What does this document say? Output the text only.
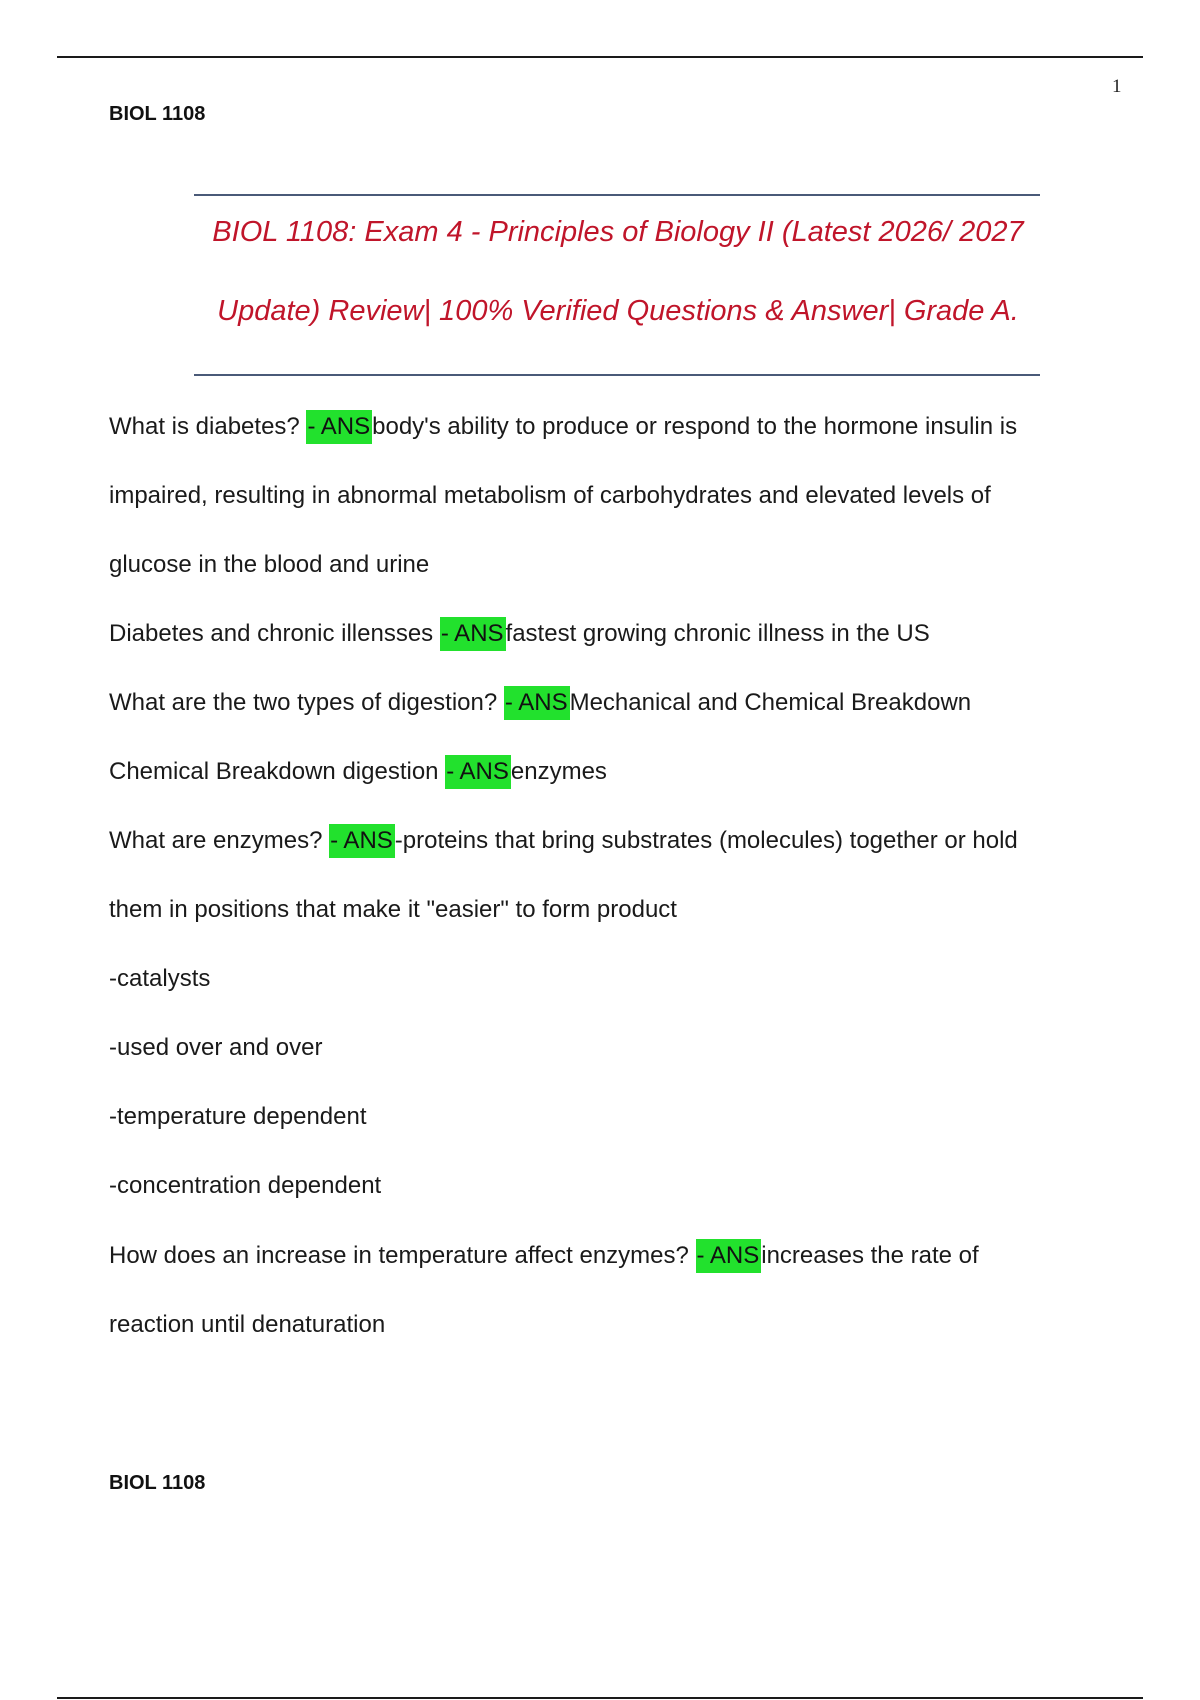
1
BIOL 1108
BIOL 1108: Exam 4 - Principles of Biology II (Latest 2026/ 2027
Update) Review| 100% Verified Questions & Answer| Grade A.
What is diabetes? - ANSbody's ability to produce or respond to the hormone insulin is
impaired, resulting in abnormal metabolism of carbohydrates and elevated levels of
glucose in the blood and urine
Diabetes and chronic illensses - ANSfastest growing chronic illness in the US
What are the two types of digestion? - ANSMechanical and Chemical Breakdown
Chemical Breakdown digestion - ANSenzymes
What are enzymes? - ANS-proteins that bring substrates (molecules) together or hold
them in positions that make it "easier" to form product
-catalysts
-used over and over
-temperature dependent
-concentration dependent
How does an increase in temperature affect enzymes? - ANSincreases the rate of
reaction until denaturation
BIOL 1108
